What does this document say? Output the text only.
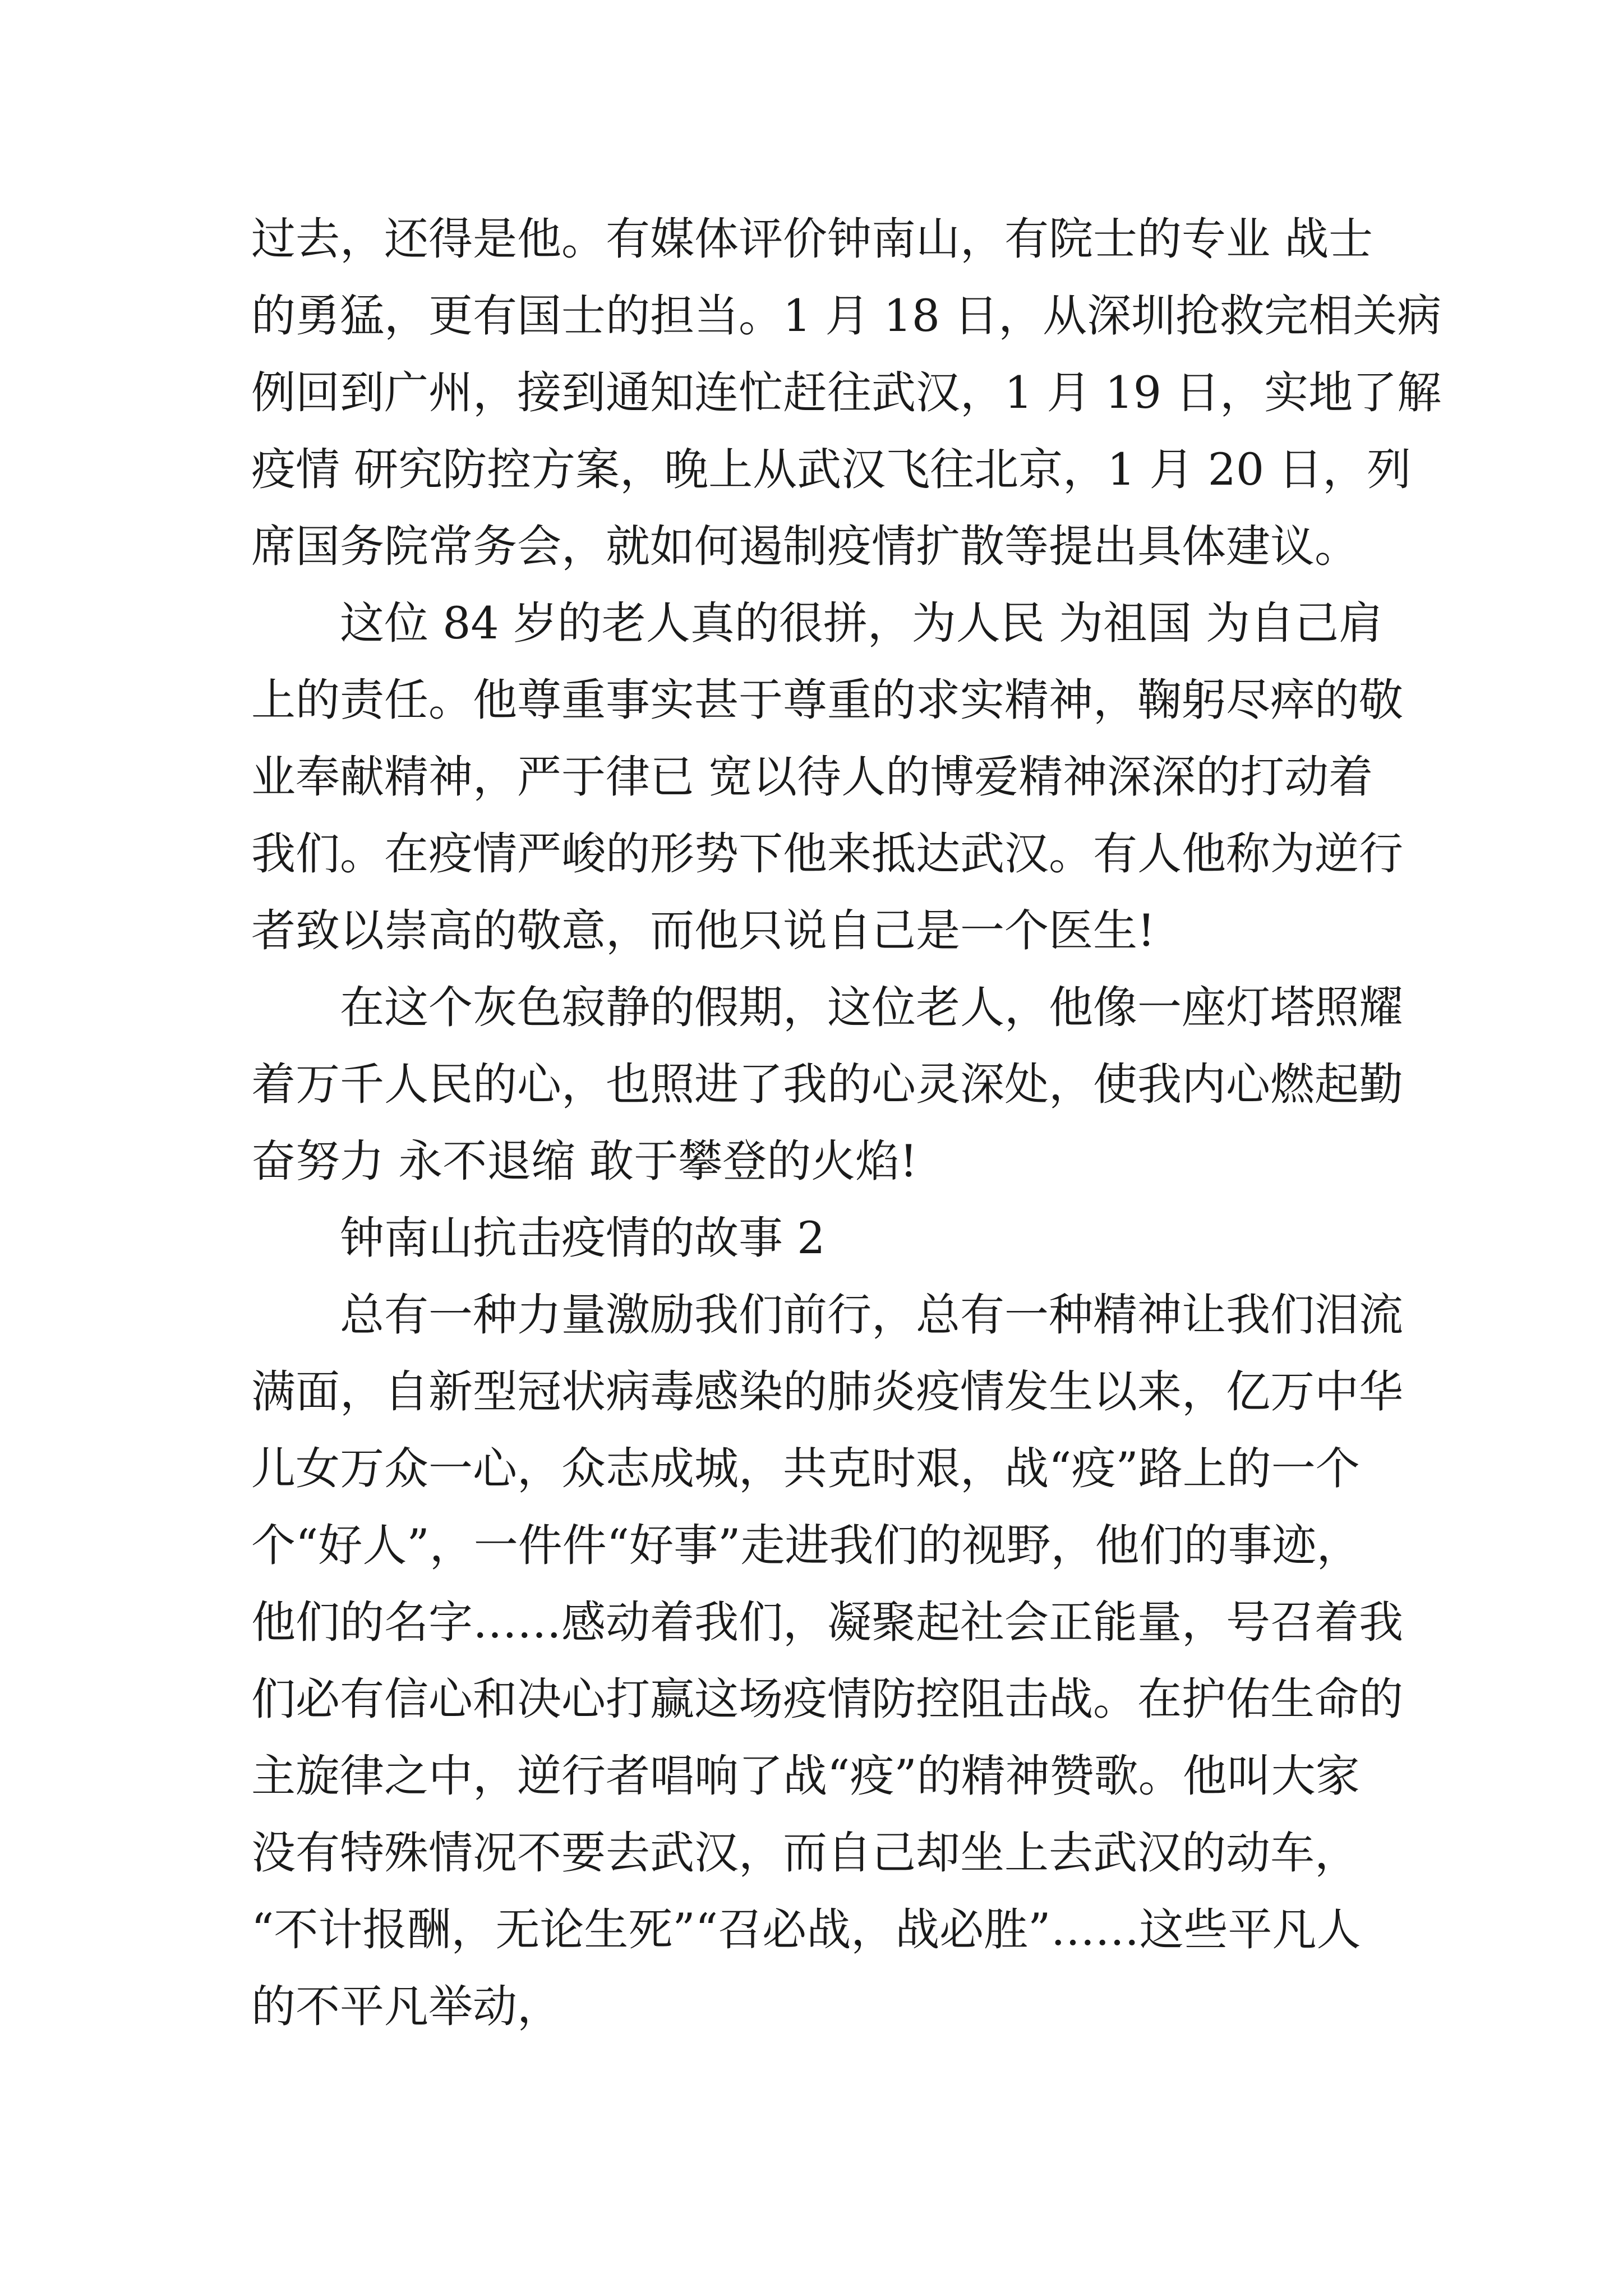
过去，还得是他。有媒体评价钟南山，有院士的专业 战士
的勇猛，更有国士的担当。1 月 18 日，从深圳抢救完相关病
例回到广州，接到通知连忙赶往武汉，1 月 19 日，实地了解
疫情 研究防控方案，晚上从武汉飞往北京，1 月 20 日，列
席国务院常务会，就如何遏制疫情扩散等提出具体建议。
这位 84 岁的老人真的很拼，为人民 为祖国 为自己肩
上的责任。他尊重事实甚于尊重的求实精神，鞠躬尽瘁的敬
业奉献精神，严于律已 宽以待人的博爱精神深深的打动着
我们。在疫情严峻的形势下他来抵达武汉。有人他称为逆行
者致以崇高的敬意，而他只说自己是一个医生!
在这个灰色寂静的假期，这位老人，他像一座灯塔照耀
着万千人民的心，也照进了我的心灵深处，使我内心燃起勤
奋努力 永不退缩 敢于攀登的火焰!
钟南山抗击疫情的故事 2
总有一种力量激励我们前行，总有一种精神让我们泪流
满面，自新型冠状病毒感染的肺炎疫情发生以来，亿万中华
儿女万众一心，众志成城，共克时艰，战“疫”路上的一个
个“好人”，一件件“好事”走进我们的视野，他们的事迹，
他们的名字……感动着我们，凝聚起社会正能量，号召着我
们必有信心和决心打赢这场疫情防控阻击战。在护佑生命的
主旋律之中，逆行者唱响了战“疫”的精神赞歌。他叫大家
没有特殊情况不要去武汉，而自己却坐上去武汉的动车，
“不计报酬，无论生死”“召必战，战必胜”……这些平凡人
的不平凡举动，
